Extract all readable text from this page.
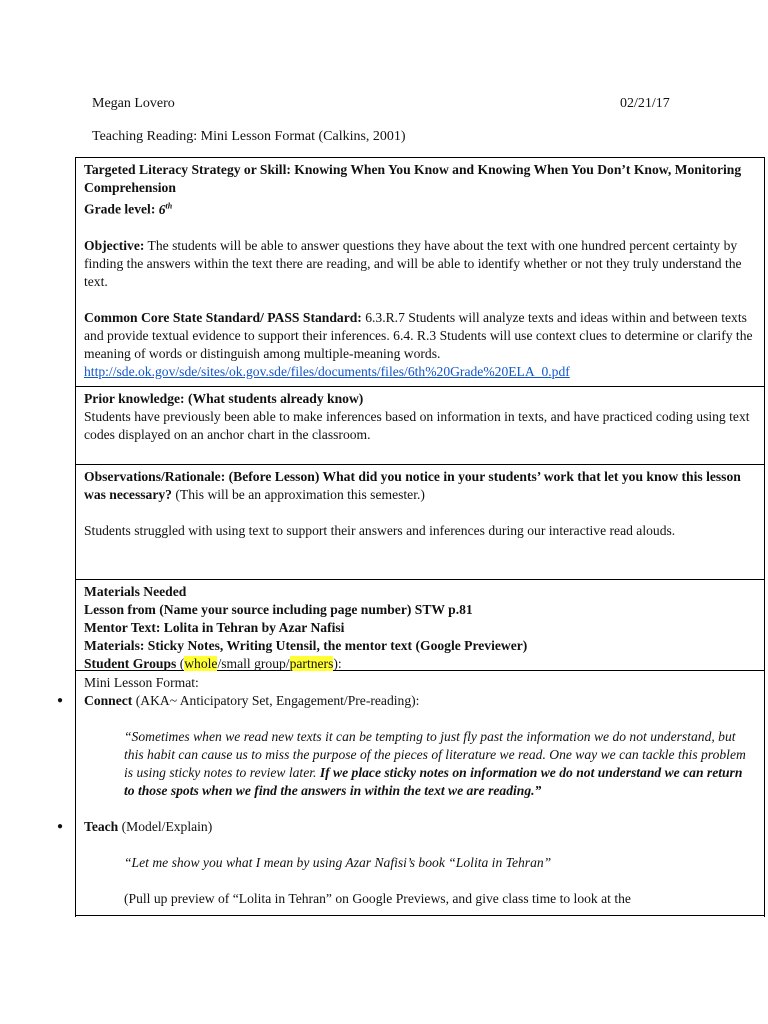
Megan Lovero	02/21/17
Teaching Reading: Mini Lesson Format (Calkins, 2001)
Targeted Literacy Strategy or Skill: Knowing When You Know and Knowing When You Don’t Know, Monitoring Comprehension
Grade level: 6th
Objective: The students will be able to answer questions they have about the text with one hundred percent certainty by finding the answers within the text there are reading, and will be able to identify whether or not they truly understand the text.
Common Core State Standard/ PASS Standard: 6.3.R.7 Students will analyze texts and ideas within and between texts and provide textual evidence to support their inferences. 6.4. R.3 Students will use context clues to determine or clarify the meaning of words or distinguish among multiple-meaning words.
http://sde.ok.gov/sde/sites/ok.gov.sde/files/documents/files/6th%20Grade%20ELA_0.pdf
Prior knowledge: (What students already know)
Students have previously been able to make inferences based on information in texts, and have practiced coding using text codes displayed on an anchor chart in the classroom.
Observations/Rationale: (Before Lesson) What did you notice in your students’ work that let you know this lesson was necessary? (This will be an approximation this semester.)
Students struggled with using text to support their answers and inferences during our interactive read alouds.
Materials Needed
Lesson from (Name your source including page number) STW p.81
Mentor Text: Lolita in Tehran by Azar Nafisi
Materials: Sticky Notes, Writing Utensil, the mentor text (Google Previewer)
Student Groups (whole/small group/partners):
Mini Lesson Format:
● Connect (AKA~ Anticipatory Set, Engagement/Pre-reading):
“Sometimes when we read new texts it can be tempting to just fly past the information we do not understand, but this habit can cause us to miss the purpose of the pieces of literature we read. One way we can tackle this problem is using sticky notes to review later. If we place sticky notes on information we do not understand we can return to those spots when we find the answers in within the text we are reading.”
● Teach (Model/Explain)
“Let me show you what I mean by using Azar Nafisi’s book “Lolita in Tehran”
(Pull up preview of “Lolita in Tehran” on Google Previews, and give class time to look at the
